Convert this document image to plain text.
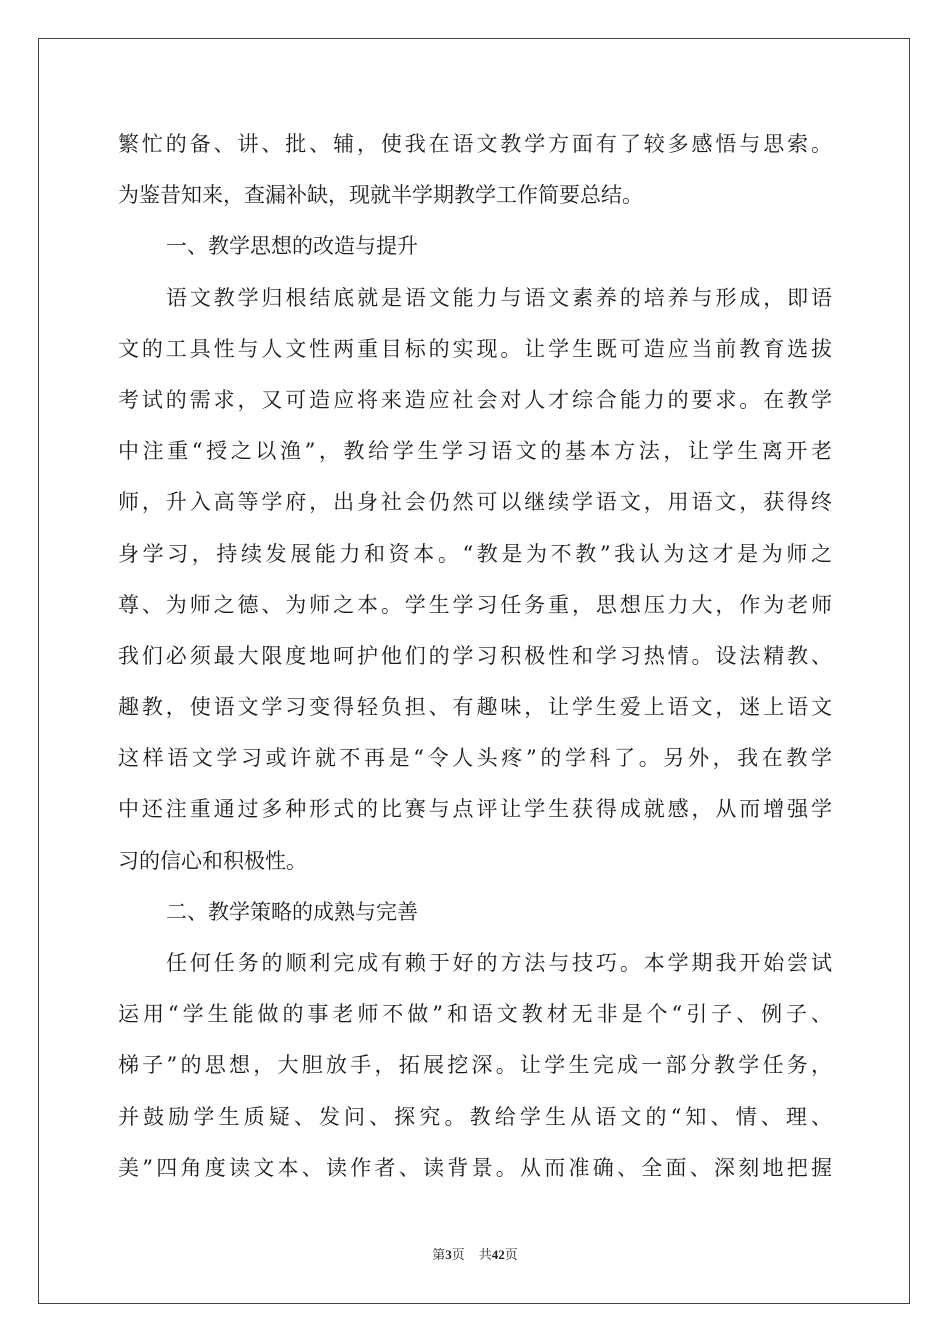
繁忙的备、讲、批、辅，使我在语文教学方面有了较多感悟与思索。
为鉴昔知来，查漏补缺，现就半学期教学工作简要总结。
一、教学思想的改造与提升
语文教学归根结底就是语文能力与语文素养的培养与形成，即语
文的工具性与人文性两重目标的实现。让学生既可造应当前教育选拔
考试的需求，又可造应将来造应社会对人才综合能力的要求。在教学
中注重“授之以渔”，教给学生学习语文的基本方法，让学生离开老
师，升入高等学府，出身社会仍然可以继续学语文，用语文，获得终
身学习，持续发展能力和资本。“教是为不教”我认为这才是为师之
尊、为师之德、为师之本。学生学习任务重，思想压力大，作为老师
我们必须最大限度地呵护他们的学习积极性和学习热情。设法精教、
趣教，使语文学习变得轻负担、有趣味，让学生爱上语文，迷上语文
这样语文学习或许就不再是“令人头疼”的学科了。另外，我在教学
中还注重通过多种形式的比赛与点评让学生获得成就感，从而增强学
习的信心和积极性。
二、教学策略的成熟与完善
任何任务的顺利完成有赖于好的方法与技巧。本学期我开始尝试
运用“学生能做的事老师不做”和语文教材无非是个“引子、例子、
梯子”的思想，大胆放手，拓展挖深。让学生完成一部分教学任务，
并鼓励学生质疑、发问、探究。教给学生从语文的“知、情、理、
美”四角度读文本、读作者、读背景。从而准确、全面、深刻地把握
第3页 共42页
